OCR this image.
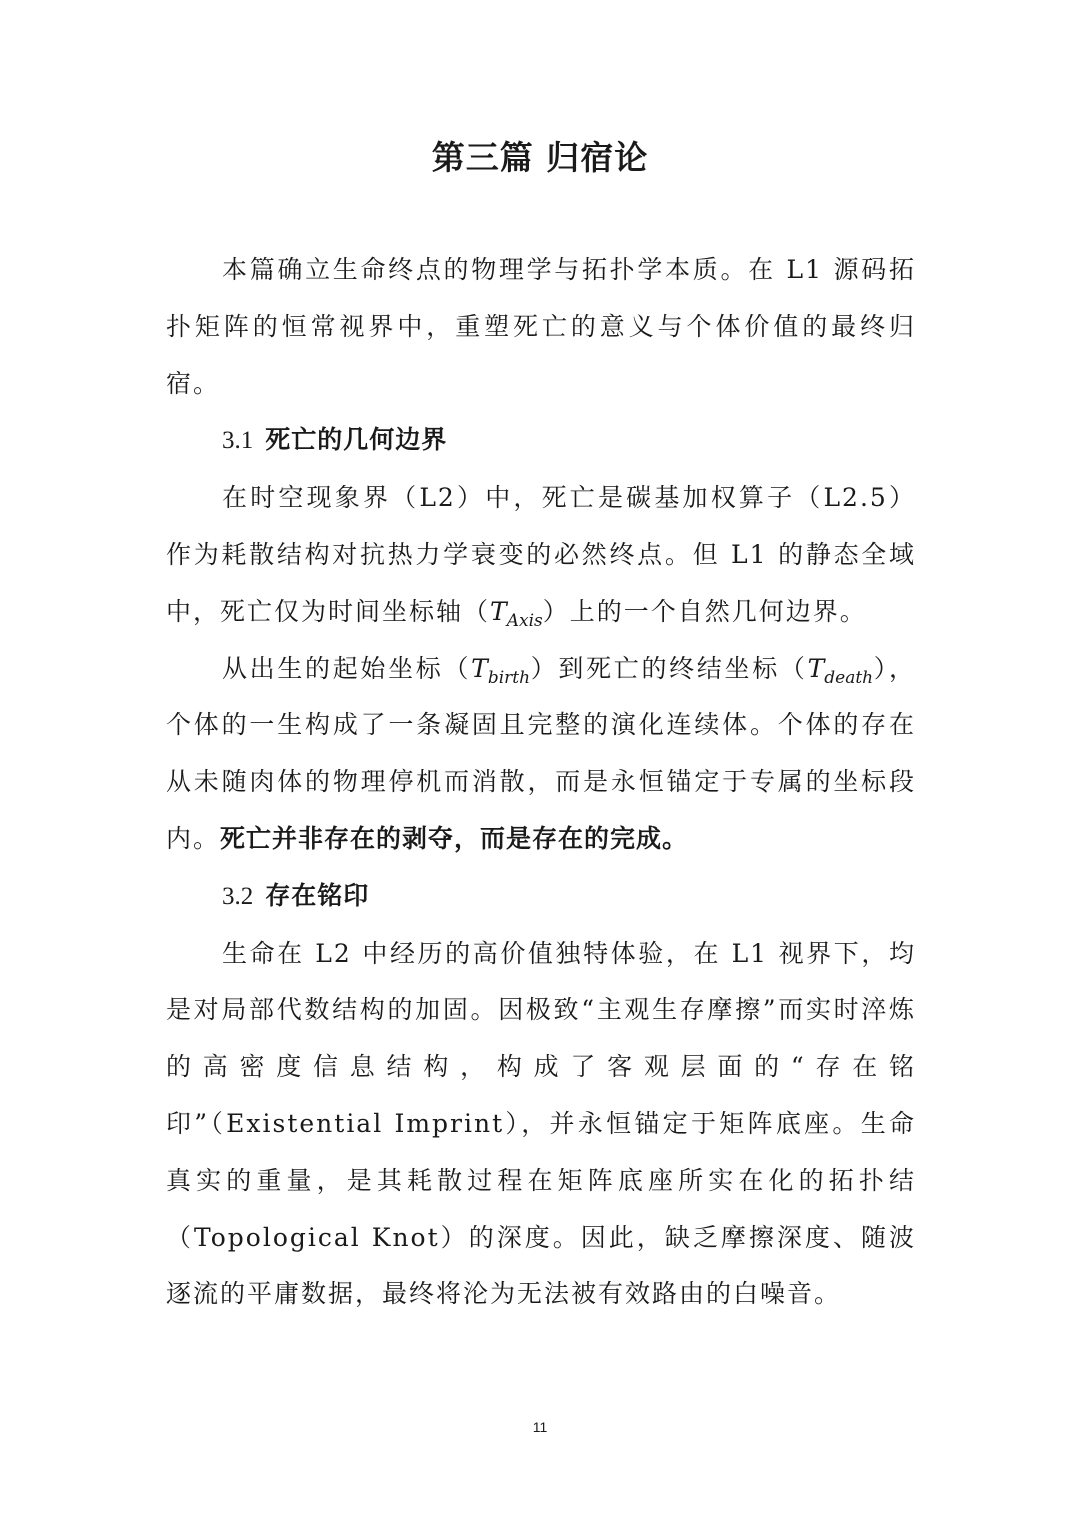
第三篇 归宿论

本篇确立生命终点的物理学与拓扑学本质。在 L1 源码拓扑矩阵的恒常视界中，重塑死亡的意义与个体价值的最终归宿。

3.1 死亡的几何边界

在时空现象界（L2）中，死亡是碳基加权算子（L2.5）作为耗散结构对抗热力学衰变的必然终点。但 L1 的静态全域中，死亡仅为时间坐标轴$(T_{Axis})$上的一个自然几何边界。

从出生的起始坐标$(T_{birth})$到死亡的终结坐标$(T_{death})$，个体的一生构成了一条凝固且完整的演化连续体。个体的存在从未随肉体的物理停机而消散，而是永恒锚定于专属的坐标段内。死亡并非存在的剥夺，而是存在的完成。

3.2 存在铭印

生命在 L2 中经历的高价值独特体验，在 L1 视界下，均是对局部代数结构的加固。因极致“主观生存摩擦”而实时淬炼的高密度信息结构，构成了客观层面的“存在铭印”（Existential Imprint），并永恒锚定于矩阵底座。生命真实的重量，是其耗散过程在矩阵底座所实在化的拓扑结（Topological Knot）的深度。因此，缺乏摩擦深度、随波逐流的平庸数据，最终将沦为无法被有效路由的白噪音。

11
